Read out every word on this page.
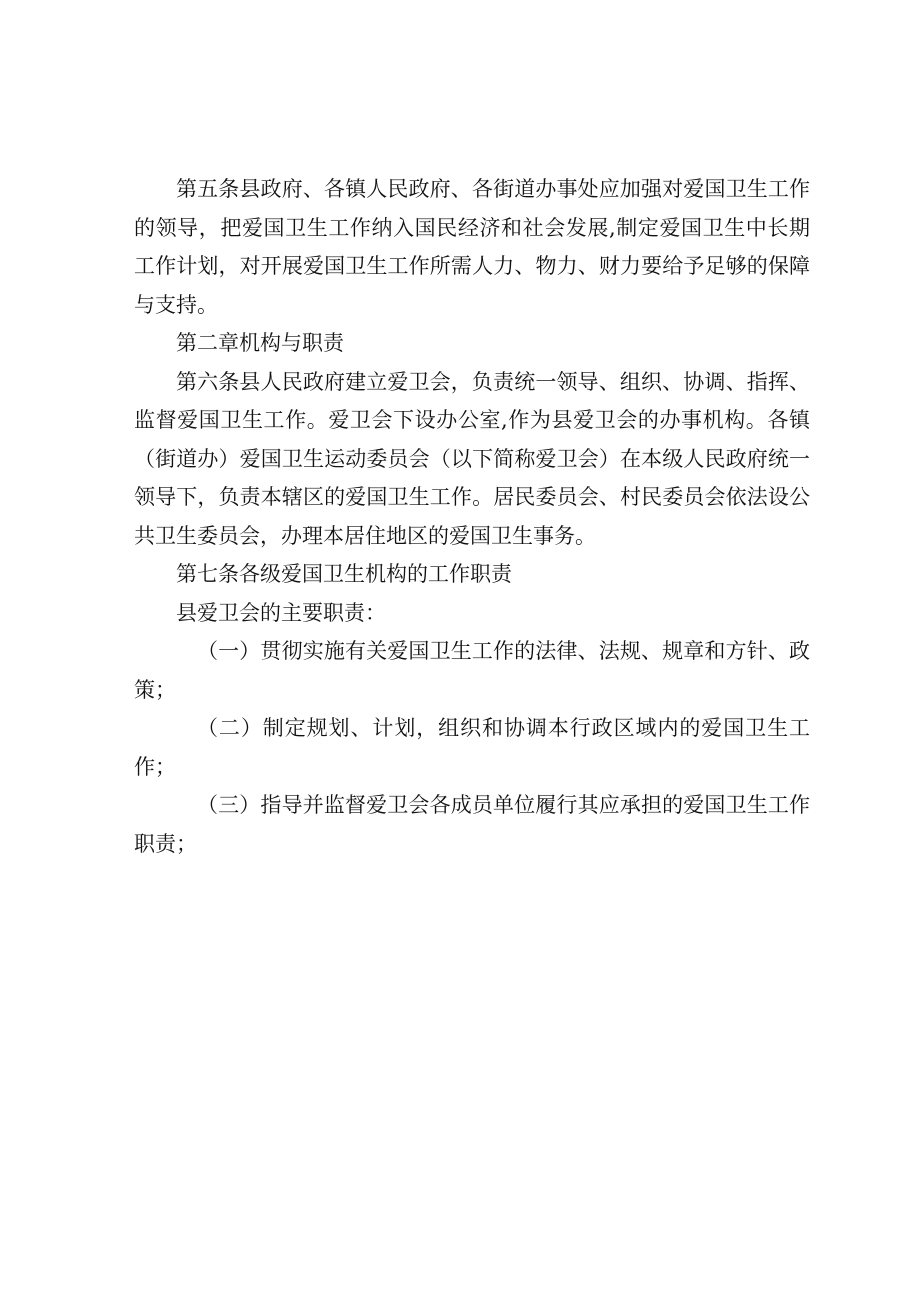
第五条县政府、各镇人民政府、各街道办事处应加强对爱国卫生工作的领导，把爱国卫生工作纳入国民经济和社会发展,制定爱国卫生中长期工作计划，对开展爱国卫生工作所需人力、物力、财力要给予足够的保障与支持。

第二章机构与职责

第六条县人民政府建立爱卫会，负责统一领导、组织、协调、指挥、监督爱国卫生工作。爱卫会下设办公室,作为县爱卫会的办事机构。各镇（街道办）爱国卫生运动委员会（以下简称爱卫会）在本级人民政府统一领导下，负责本辖区的爱国卫生工作。居民委员会、村民委员会依法设公共卫生委员会，办理本居住地区的爱国卫生事务。

第七条各级爱国卫生机构的工作职责

县爱卫会的主要职责：

（一）贯彻实施有关爱国卫生工作的法律、法规、规章和方针、政策；

（二）制定规划、计划，组织和协调本行政区域内的爱国卫生工作；

（三）指导并监督爱卫会各成员单位履行其应承担的爱国卫生工作职责；
